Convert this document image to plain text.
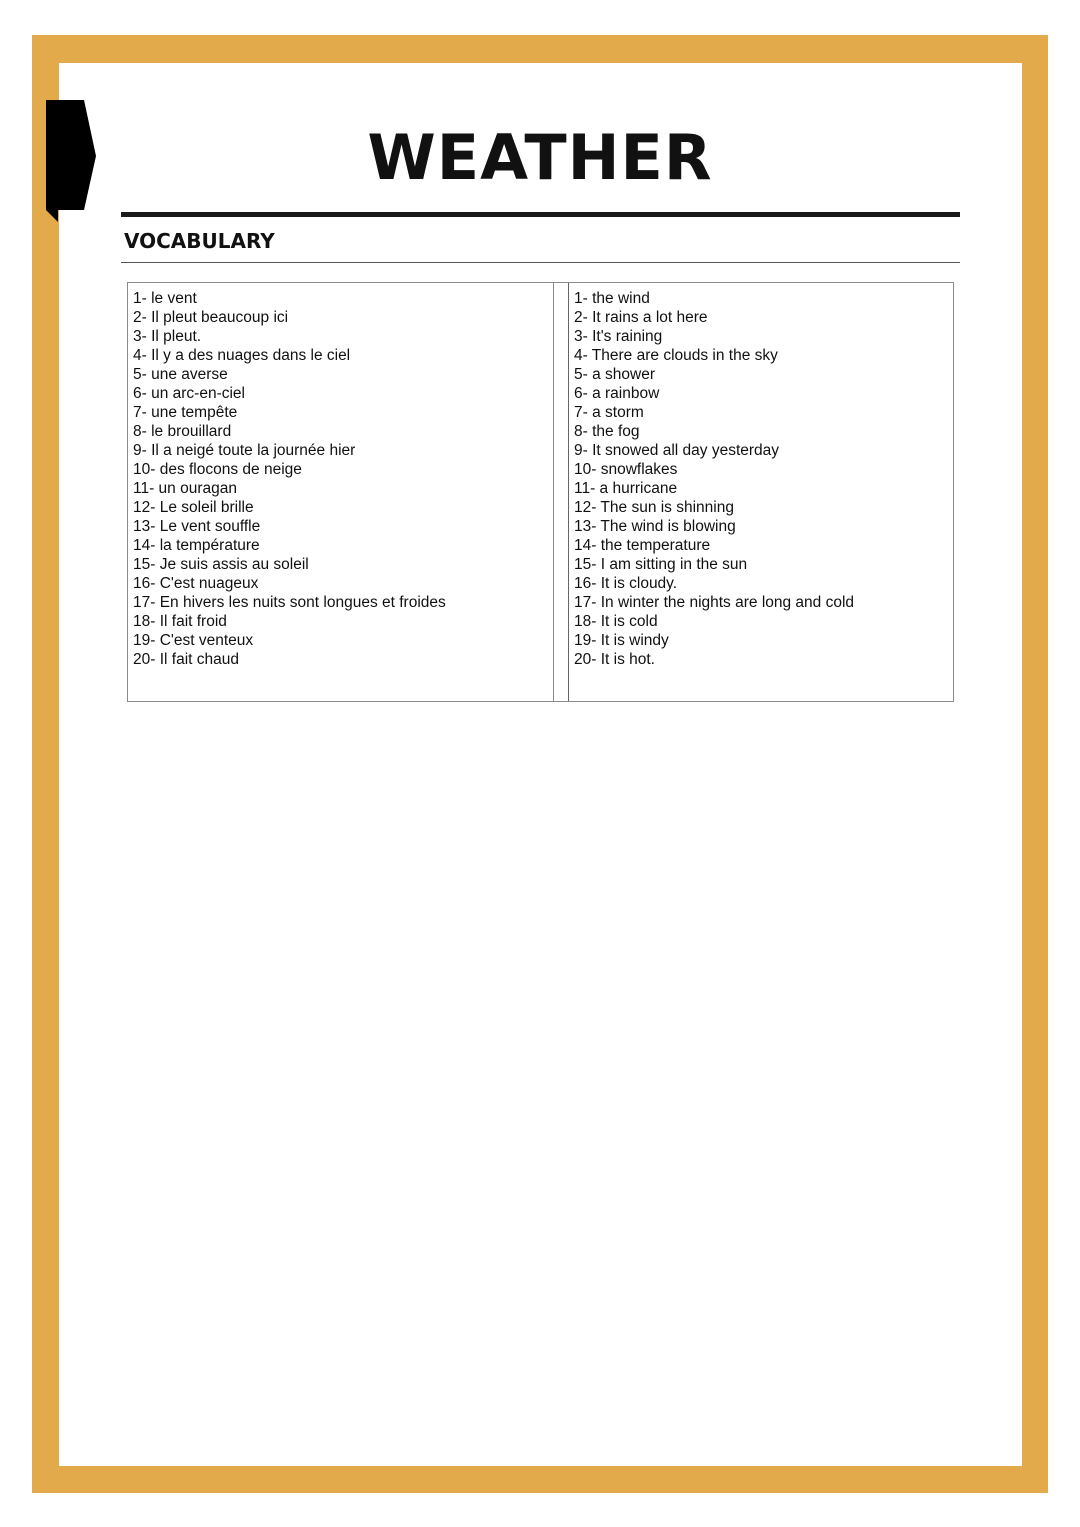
WEATHER
VOCABULARY
1- le vent
2- Il pleut beaucoup ici
3- Il pleut.
4- Il y a des nuages dans le ciel
5- une averse
6- un arc-en-ciel
7- une tempête
8- le brouillard
9- Il a neigé toute la journée hier
10- des flocons de neige
11- un ouragan
12- Le soleil brille
13- Le vent souffle
14- la température
15- Je suis assis au soleil
16- C'est nuageux
17- En hivers les nuits sont longues et froides
18- Il fait froid
19- C'est venteux
20- Il fait chaud
1- the wind
2- It rains a lot here
3- It's raining
4- There are clouds in the sky
5- a shower
6- a rainbow
7- a storm
8- the fog
9- It snowed all day yesterday
10- snowflakes
11- a hurricane
12- The sun is shinning
13- The wind is blowing
14- the temperature
15- I am sitting in the sun
16- It is cloudy.
17- In winter the nights are long and cold
18- It is cold
19- It is windy
20- It is hot.
